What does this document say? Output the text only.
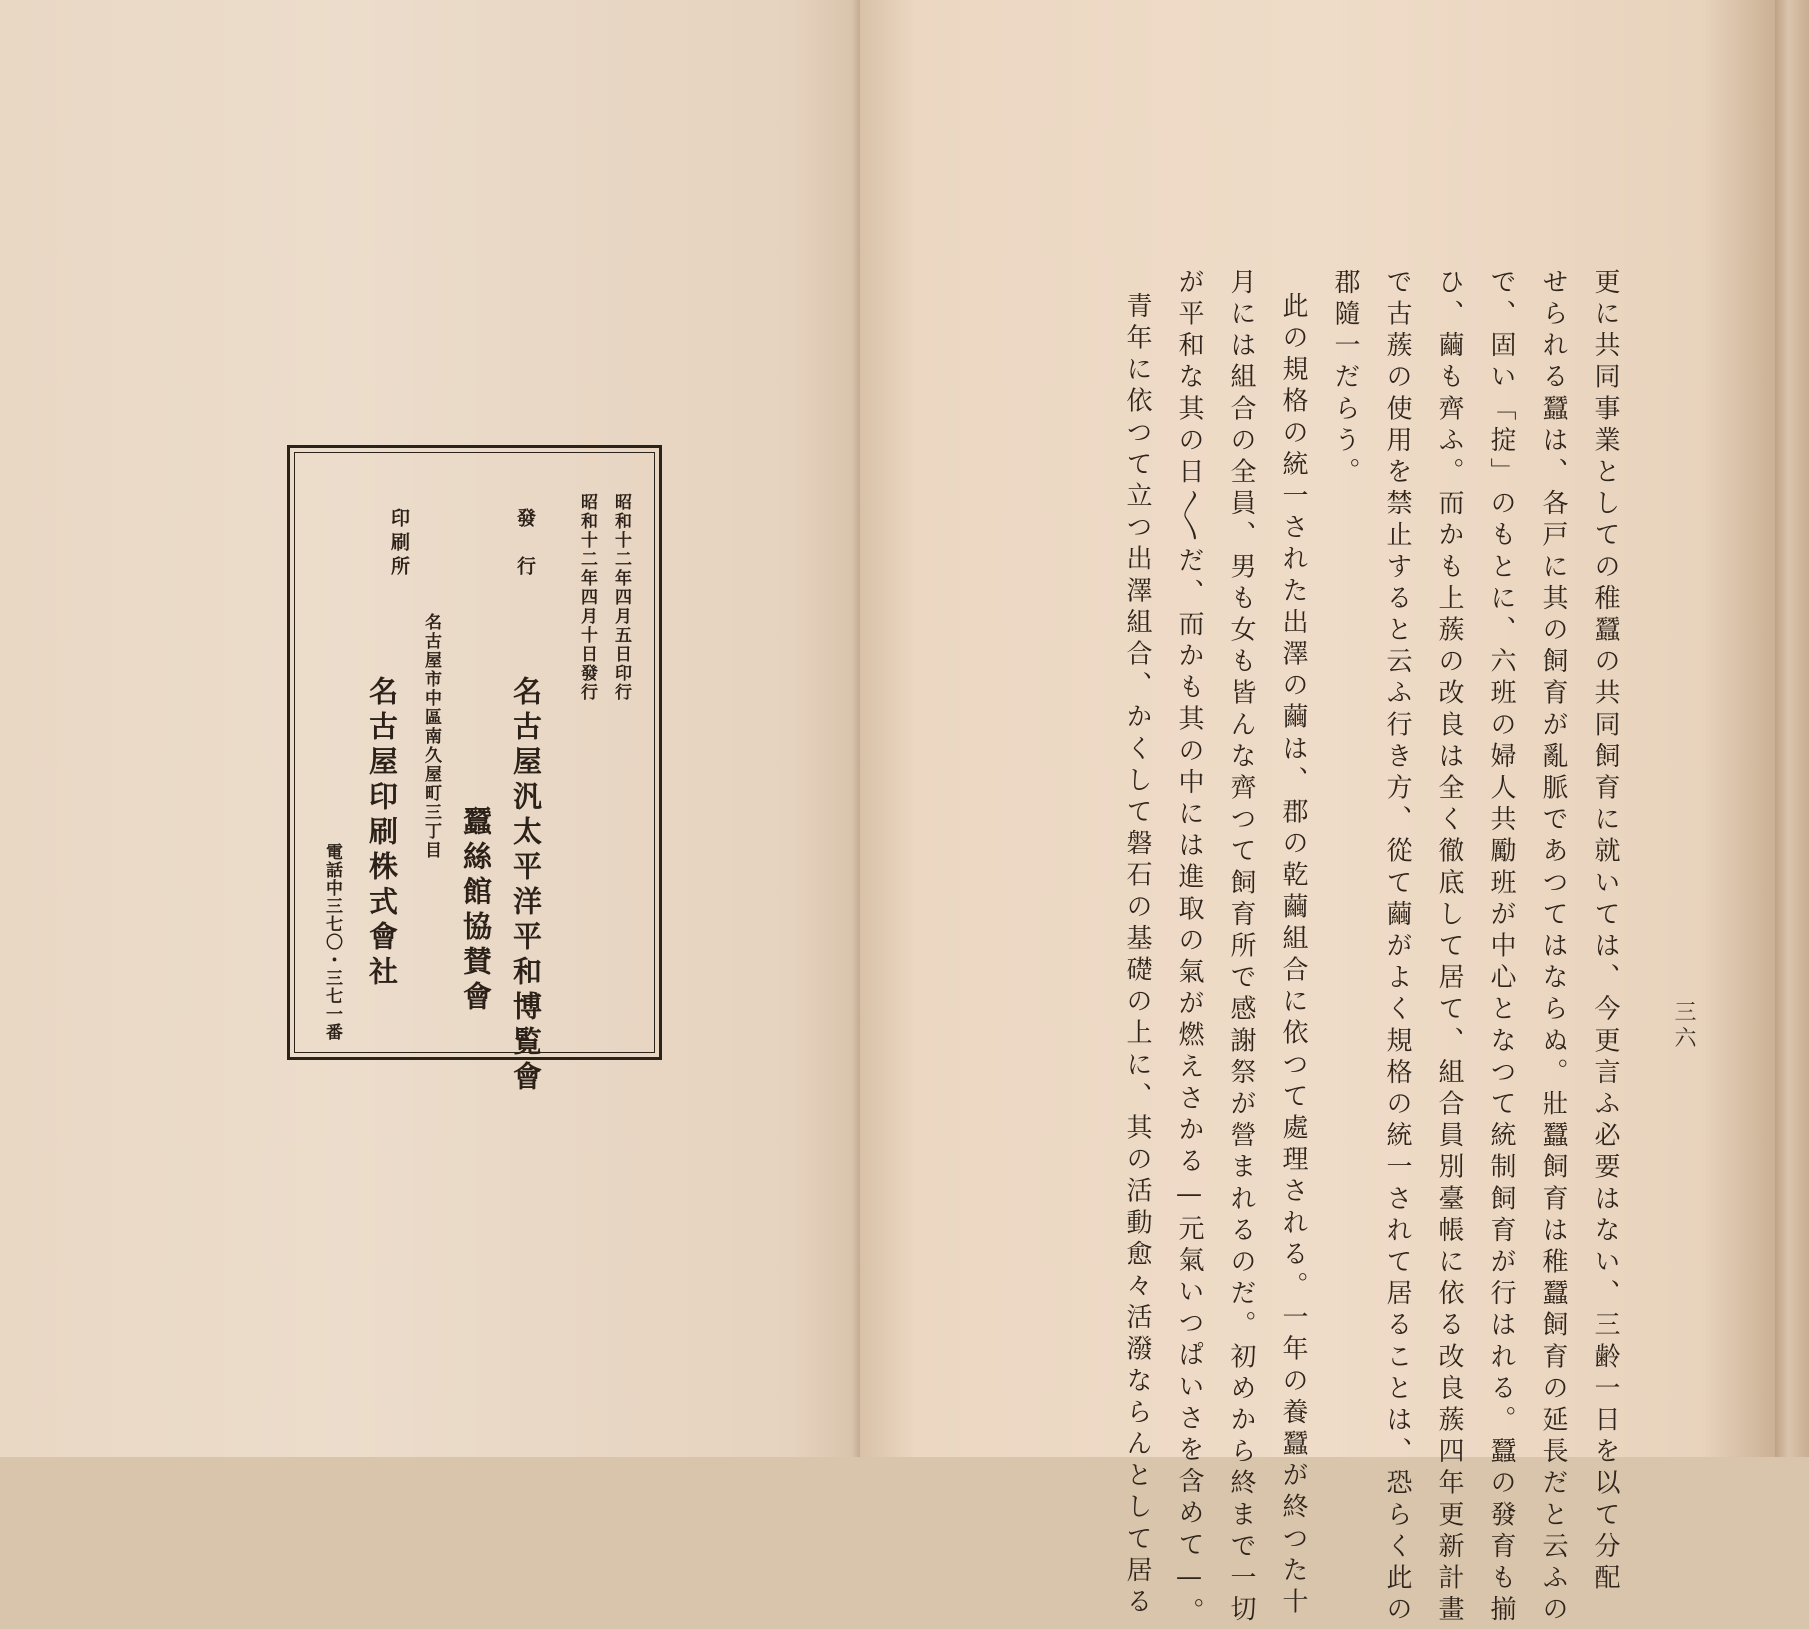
昭和十二年四月五日印行
昭和十二年四月十日發行
發　行
名古屋汎太平洋平和博覧會
蠶絲館協賛會
名古屋市中區南久屋町三丁目
印刷所
名古屋印刷株式會社
電話中三七〇・三七一番	三六
更に共同事業としての稚蠶の共同飼育に就いては、今更言ふ必要はない、三齢一日を以て分配
せられる蠶は、各戸に其の飼育が亂脈であつてはならぬ。壯蠶飼育は稚蠶飼育の延長だと云ふの
で、固い「掟」のもとに、六班の婦人共勵班が中心となつて統制飼育が行はれる。蠶の發育も揃
ひ、繭も齊ふ。而かも上蔟の改良は全く徹底して居て、組合員別臺帳に依る改良蔟四年更新計畫
で古蔟の使用を禁止すると云ふ行き方、從て繭がよく規格の統一されて居ることは、恐らく此の
郡隨一だらう。
此の規格の統一された出澤の繭は、郡の乾繭組合に依つて處理される。一年の養蠶が終つた十
月には組合の全員、男も女も皆んな齊つて飼育所で感謝祭が營まれるのだ。初めから終まで一切
が平和な其の日〳〵だ、而かも其の中には進取の氣が燃えさかる—元氣いつぱいさを含めて—。
青年に依つて立つ出澤組合、かくして磐石の基礎の上に、其の活動愈々活潑ならんとして居る
